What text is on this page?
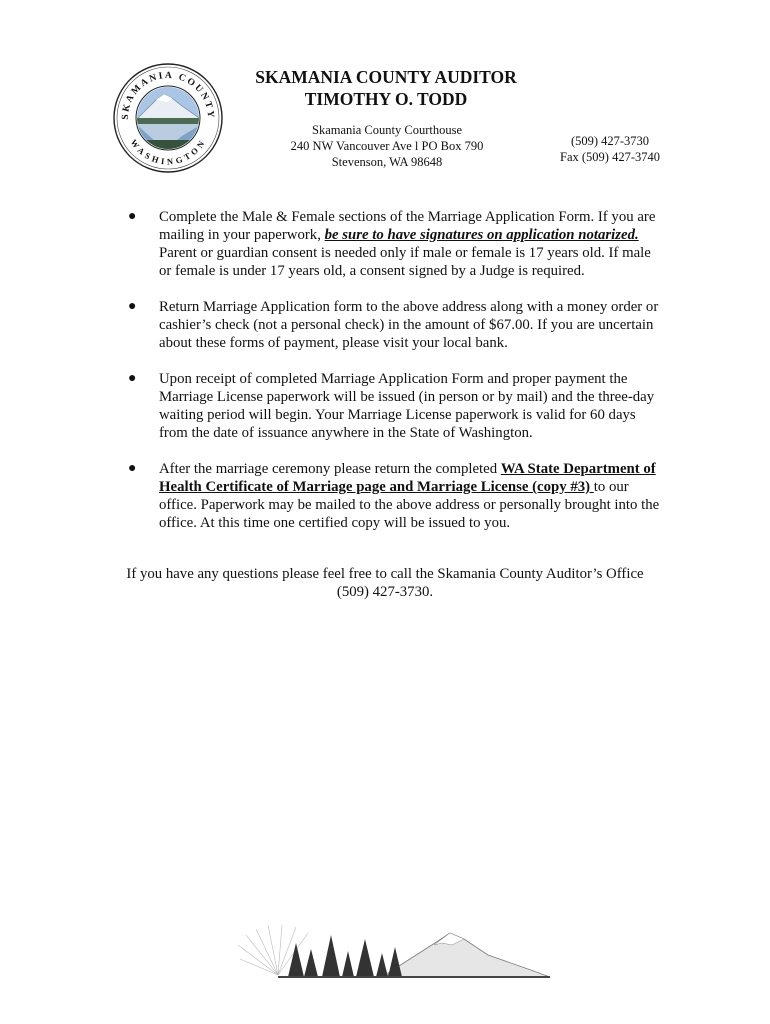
SKAMANIA COUNTY
WASHINGTON
SKAMANIA COUNTY AUDITOR
TIMOTHY O. TODD
Skamania County Courthouse
240 NW Vancouver Ave l PO Box 790
Stevenson, WA 98648
(509) 427-3730
Fax (509) 427-3740
● Complete the Male & Female sections of the Marriage Application Form. If you are mailing in your paperwork, be sure to have signatures on application notarized. Parent or guardian consent is needed only if male or female is 17 years old. If male or female is under 17 years old, a consent signed by a Judge is required.
● Return Marriage Application form to the above address along with a money order or cashier’s check (not a personal check) in the amount of $67.00. If you are uncertain about these forms of payment, please visit your local bank.
● Upon receipt of completed Marriage Application Form and proper payment the Marriage License paperwork will be issued (in person or by mail) and the three-day waiting period will begin. Your Marriage License paperwork is valid for 60 days from the date of issuance anywhere in the State of Washington.
● After the marriage ceremony please return the completed WA State Department of Health Certificate of Marriage page and Marriage License (copy #3) to our office. Paperwork may be mailed to the above address or personally brought into the office. At this time one certified copy will be issued to you.
If you have any questions please feel free to call the Skamania County Auditor’s Office
(509) 427-3730.
